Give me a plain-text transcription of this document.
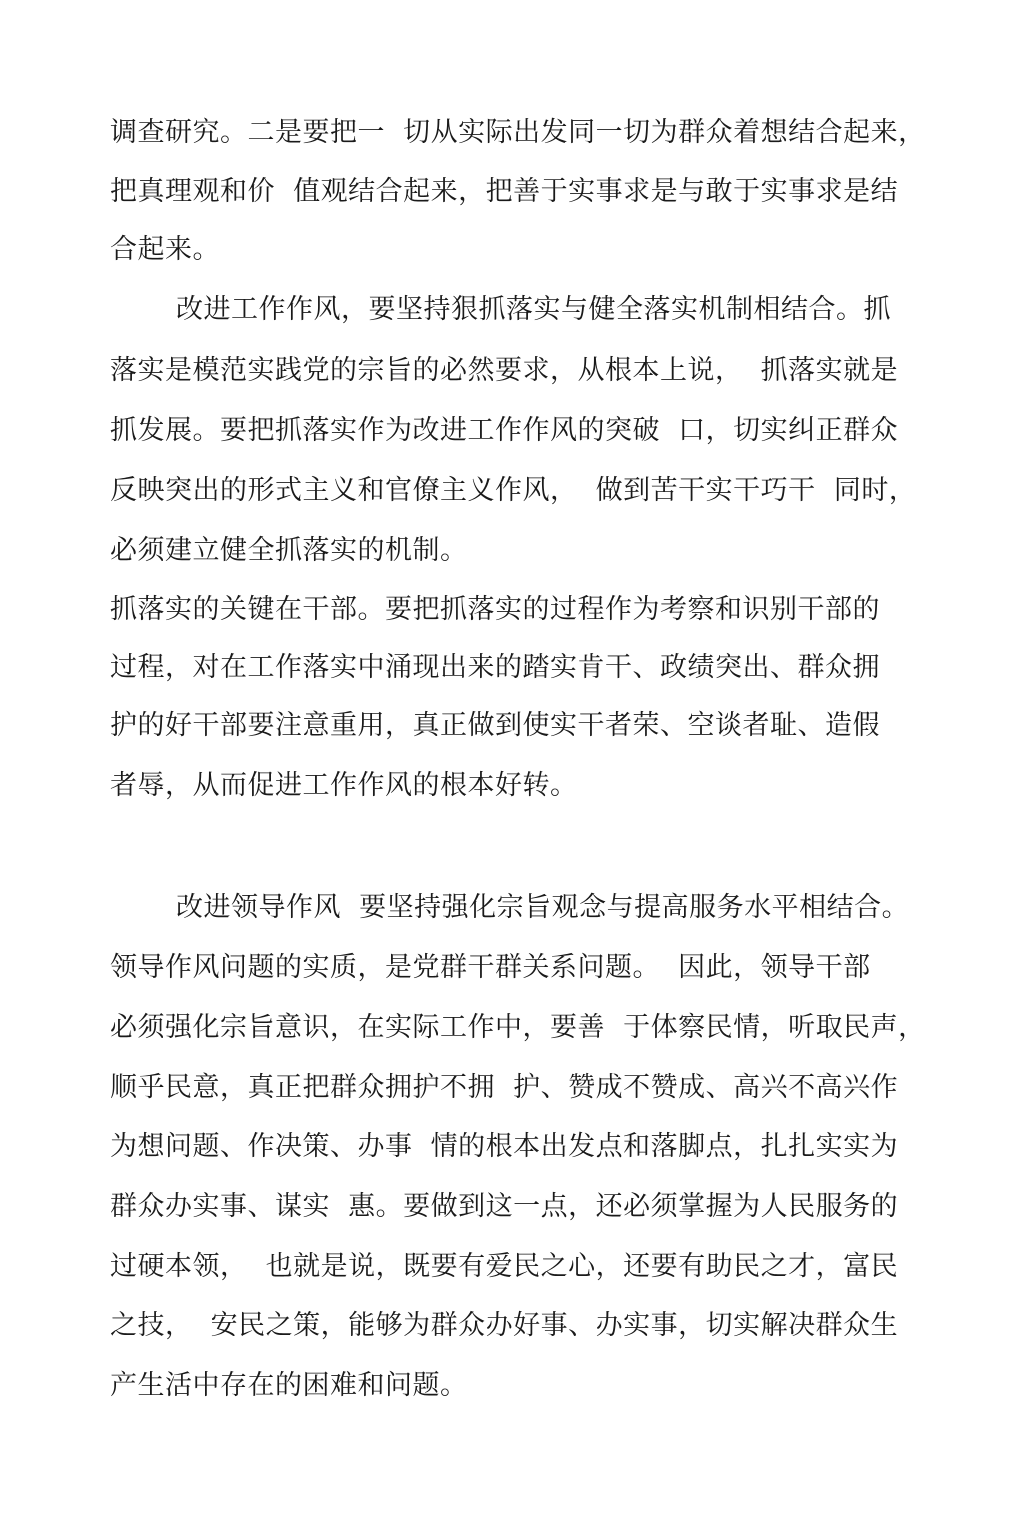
调查研究。二是要把一  切从实际出发同一切为群众着想结合起来，
把真理观和价  值观结合起来，把善于实事求是与敢于实事求是结
合起来。
改进工作作风，要坚持狠抓落实与健全落实机制相结合。抓
落实是模范实践党的宗旨的必然要求，从根本上说，  抓落实就是
抓发展。要把抓落实作为改进工作作风的突破  口，切实纠正群众
反映突出的形式主义和官僚主义作风，  做到苦干实干巧干  同时，
必须建立健全抓落实的机制。
抓落实的关键在干部。要把抓落实的过程作为考察和识别干部的
过程，对在工作落实中涌现出来的踏实肯干、政绩突出、群众拥
护的好干部要注意重用，真正做到使实干者荣、空谈者耻、造假
者辱，从而促进工作作风的根本好转。
改进领导作风  要坚持强化宗旨观念与提高服务水平相结合。
领导作风问题的实质，是党群干群关系问题。  因此，领导干部
必须强化宗旨意识，在实际工作中，要善  于体察民情，听取民声，
顺乎民意，真正把群众拥护不拥  护、赞成不赞成、高兴不高兴作
为想问题、作决策、办事  情的根本出发点和落脚点，扎扎实实为
群众办实事、谋实  惠。要做到这一点，还必须掌握为人民服务的
过硬本领，  也就是说，既要有爱民之心，还要有助民之才，富民
之技，  安民之策，能够为群众办好事、办实事，切实解决群众生
产生活中存在的困难和问题。
